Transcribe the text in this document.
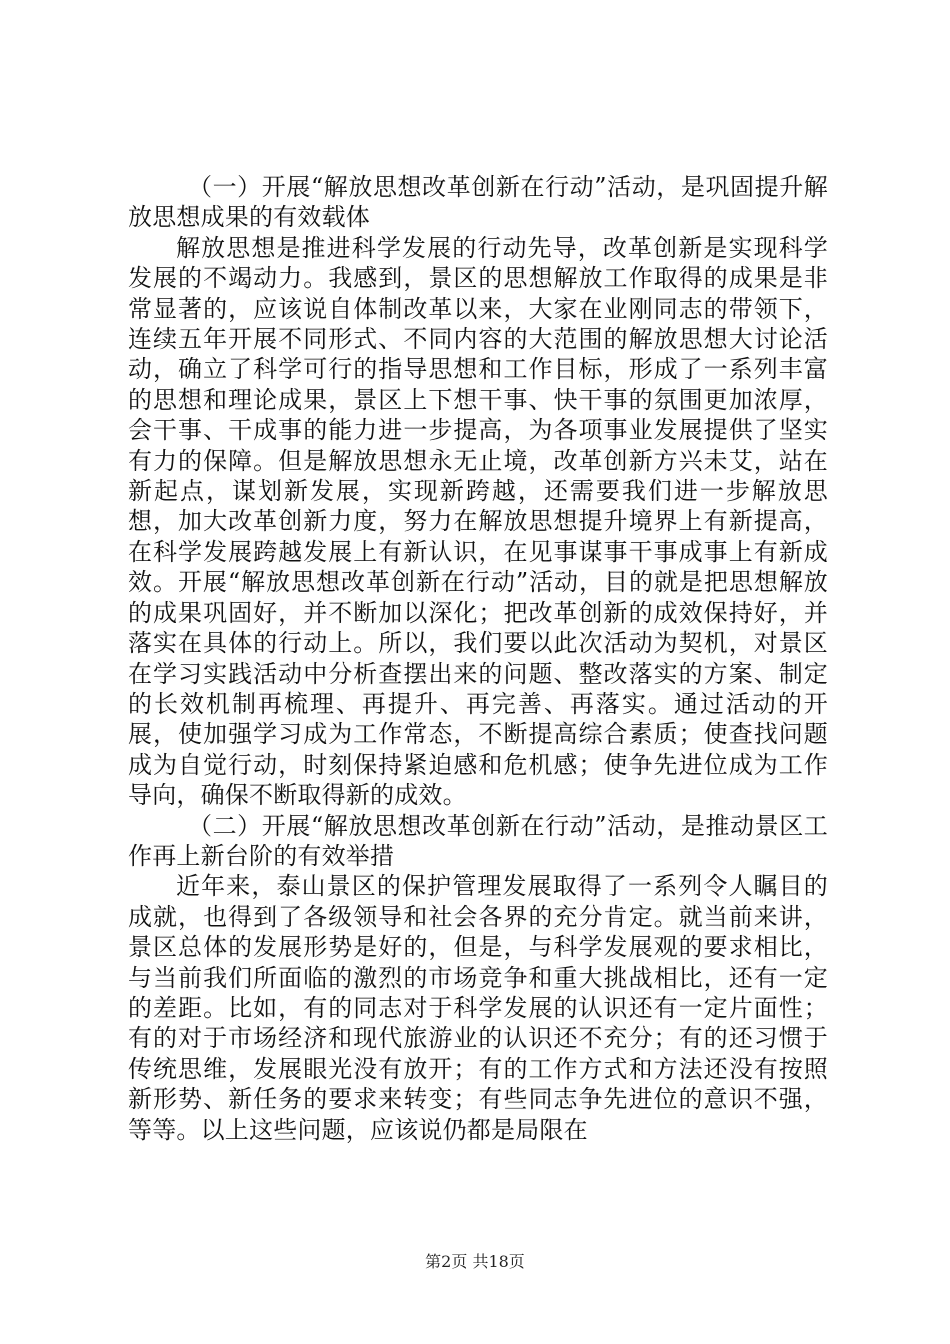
（一）开展“解放思想改革创新在行动”活动，是巩固提升解放思想成果的有效载体

解放思想是推进科学发展的行动先导，改革创新是实现科学发展的不竭动力。我感到，景区的思想解放工作取得的成果是非常显著的，应该说自体制改革以来，大家在业刚同志的带领下，连续五年开展不同形式、不同内容的大范围的解放思想大讨论活动，确立了科学可行的指导思想和工作目标，形成了一系列丰富的思想和理论成果，景区上下想干事、快干事的氛围更加浓厚，会干事、干成事的能力进一步提高，为各项事业发展提供了坚实有力的保障。但是解放思想永无止境，改革创新方兴未艾，站在新起点，谋划新发展，实现新跨越，还需要我们进一步解放思想，加大改革创新力度，努力在解放思想提升境界上有新提高，在科学发展跨越发展上有新认识，在见事谋事干事成事上有新成效。开展“解放思想改革创新在行动”活动，目的就是把思想解放的成果巩固好，并不断加以深化；把改革创新的成效保持好，并落实在具体的行动上。所以，我们要以此次活动为契机，对景区在学习实践活动中分析查摆出来的问题、整改落实的方案、制定的长效机制再梳理、再提升、再完善、再落实。通过活动的开展，使加强学习成为工作常态，不断提高综合素质；使查找问题成为自觉行动，时刻保持紧迫感和危机感；使争先进位成为工作导向，确保不断取得新的成效。

（二）开展“解放思想改革创新在行动”活动，是推动景区工作再上新台阶的有效举措

近年来，泰山景区的保护管理发展取得了一系列令人瞩目的成就，也得到了各级领导和社会各界的充分肯定。就当前来讲，景区总体的发展形势是好的，但是，与科学发展观的要求相比，与当前我们所面临的激烈的市场竞争和重大挑战相比，还有一定的差距。比如，有的同志对于科学发展的认识还有一定片面性；有的对于市场经济和现代旅游业的认识还不充分；有的还习惯于传统思维，发展眼光没有放开；有的工作方式和方法还没有按照新形势、新任务的要求来转变；有些同志争先进位的意识不强，等等。以上这些问题，应该说仍都是局限在

第2页 共18页
